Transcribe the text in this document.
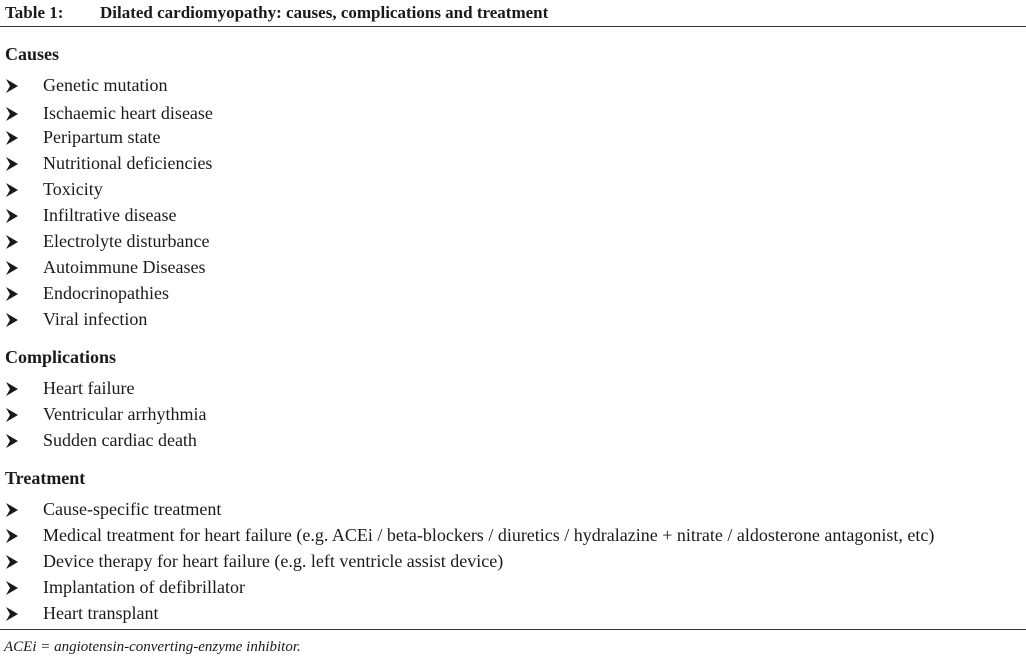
Table 1: Dilated cardiomyopathy: causes, complications and treatment
Causes
Genetic mutation
Ischaemic heart disease
Peripartum state
Nutritional deficiencies
Toxicity
Infiltrative disease
Electrolyte disturbance
Autoimmune Diseases
Endocrinopathies
Viral infection
Complications
Heart failure
Ventricular arrhythmia
Sudden cardiac death
Treatment
Cause-specific treatment
Medical treatment for heart failure (e.g. ACEi / beta-blockers / diuretics / hydralazine + nitrate / aldosterone antagonist, etc)
Device therapy for heart failure (e.g. left ventricle assist device)
Implantation of defibrillator
Heart transplant
ACEi = angiotensin-converting-enzyme inhibitor.
